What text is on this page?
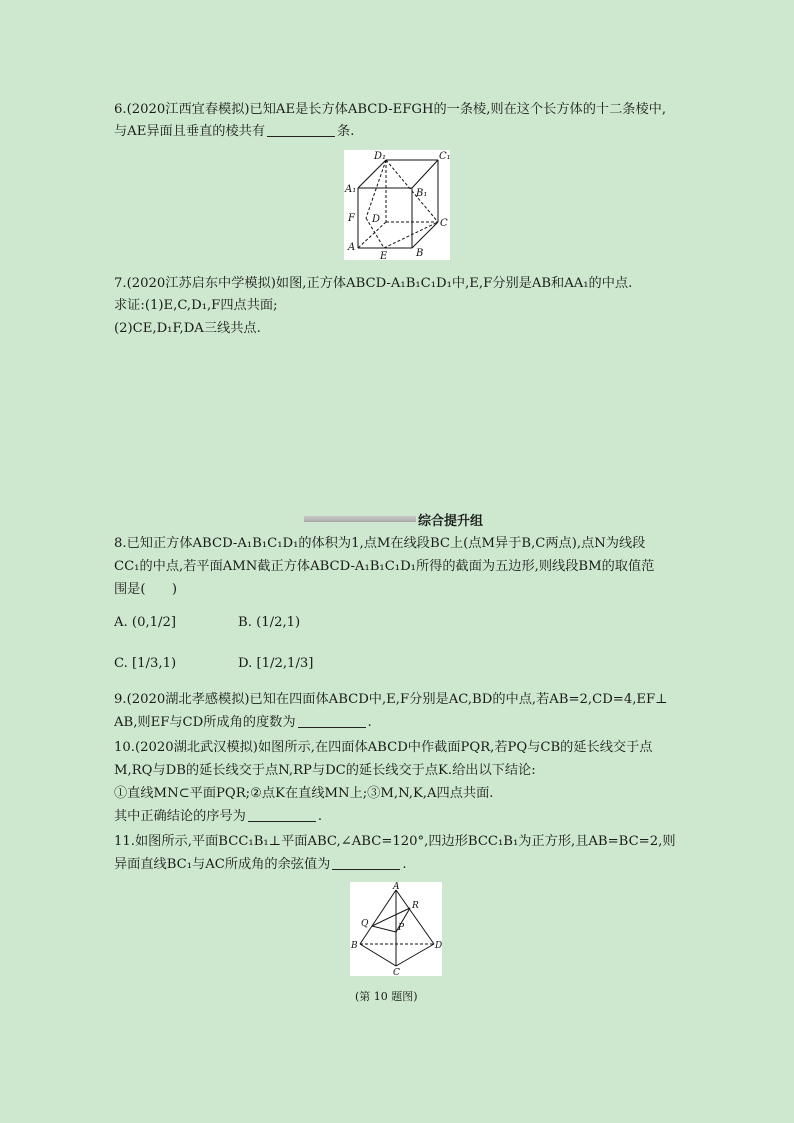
6.(2020江西宜春模拟)已知AE是长方体ABCD-EFGH的一条棱,则在这个长方体的十二条棱中,
与AE异面且垂直的棱共有	条.
D₁	C₁
A₁	B₁
F D	C
A
E	B
7.(2020江苏启东中学模拟)如图,正方体ABCD-A₁B₁C₁D₁中,E,F分别是AB和AA₁的中点.
求证:(1)E,C,D₁,F四点共面;
(2)CE,D₁F,DA三线共点.
综合提升组
8.已知正方体ABCD-A₁B₁C₁D₁的体积为1,点M在线段BC上(点M异于B,C两点),点N为线段
CC₁的中点,若平面AMN截正方体ABCD-A₁B₁C₁D₁所得的截面为五边形,则线段BM的取值范
围是(　　)
A. (0,1/2]	B. (1/2,1)
C. [1/3,1)	D. [1/2,1/3]
9.(2020湖北孝感模拟)已知在四面体ABCD中,E,F分别是AC,BD的中点,若AB=2,CD=4,EF⊥
AB,则EF与CD所成角的度数为	.
10.(2020湖北武汉模拟)如图所示,在四面体ABCD中作截面PQR,若PQ与CB的延长线交于点
M,RQ与DB的延长线交于点N,RP与DC的延长线交于点K.给出以下结论:
①直线MN⊂平面PQR;②点K在直线MN上;③M,N,K,A四点共面.
其中正确结论的序号为	.
11.如图所示,平面BCC₁B₁⊥平面ABC,∠ABC=120°,四边形BCC₁B₁为正方形,且AB=BC=2,则
异面直线BC₁与AC所成角的余弦值为	.
A
R
Q	P
B	D
C
(第 10 题图)
